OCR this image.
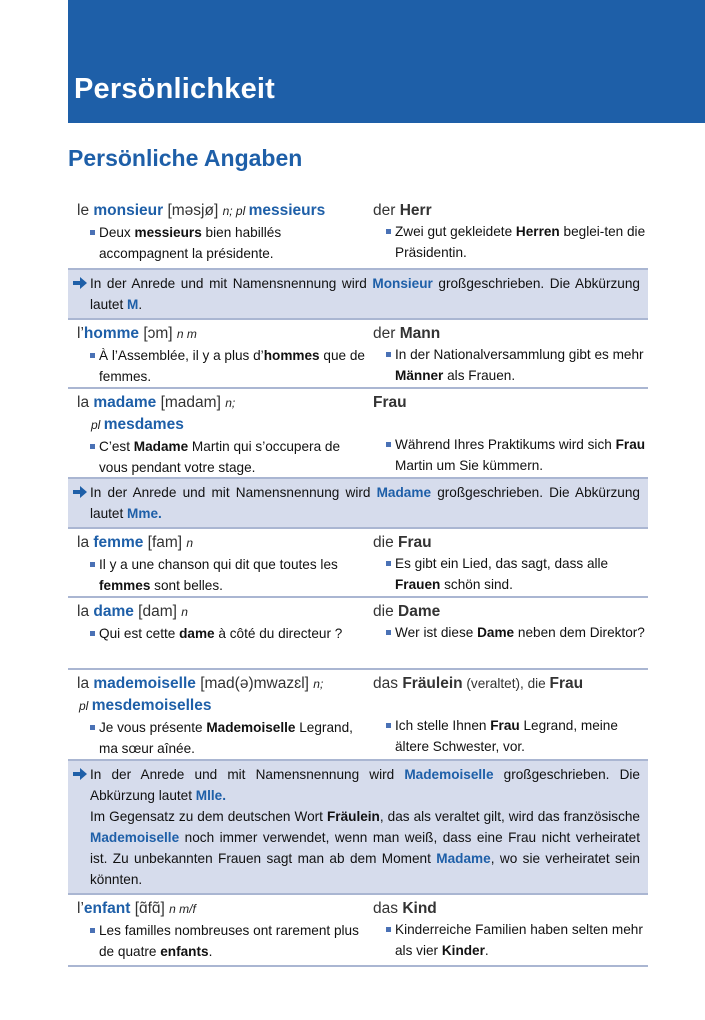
Persönlichkeit
Persönliche Angaben
le monsieur [məsjø] n; pl messieurs
Deux messieurs bien habillés accompagnent la présidente.
der Herr
Zwei gut gekleidete Herren beglei-ten die Präsidentin.

In der Anrede und mit Namensnennung wird Monsieur großgeschrieben. Die Abkürzung lautet M.

l’homme [ɔm] n m
À l’Assemblée, il y a plus d’hommes que de femmes.
der Mann
In der Nationalversammlung gibt es mehr Männer als Frauen.
la madame [madam] n;
pl mesdames
C’est Madame Martin qui s’occupera de vous pendant votre stage.
Frau

Während Ihres Praktikums wird sich Frau Martin um Sie kümmern.

In der Anrede und mit Namensnennung wird Madame großgeschrieben. Die Abkürzung lautet Mme.

la femme [fam] n
Il y a une chanson qui dit que toutes les femmes sont belles.
die Frau
Es gibt ein Lied, das sagt, dass alle Frauen schön sind.
la dame [dam] n
Qui est cette dame à côté du directeur ?
die Dame
Wer ist diese Dame neben dem Direktor?
la mademoiselle [mad(ə)mwazɛl] n;
pl mesdemoiselles
Je vous présente Mademoiselle Legrand, ma sœur aînée.
das Fräulein (veraltet), die Frau

Ich stelle Ihnen Frau Legrand, meine ältere Schwester, vor.

In der Anrede und mit Namensnennung wird Mademoiselle großgeschrieben. Die Abkürzung lautet Mlle.

Im Gegensatz zu dem deutschen Wort Fräulein, das als veraltet gilt, wird das französische Mademoiselle noch immer verwendet, wenn man weiß, dass eine Frau nicht verheiratet ist. Zu unbekannten Frauen sagt man ab dem Moment Madame, wo sie verheiratet sein könnten.

l’enfant [ɑ̃fɑ̃] n m/f
Les familles nombreuses ont rarement plus de quatre enfants.
das Kind
Kinderreiche Familien haben selten mehr als vier Kinder.
